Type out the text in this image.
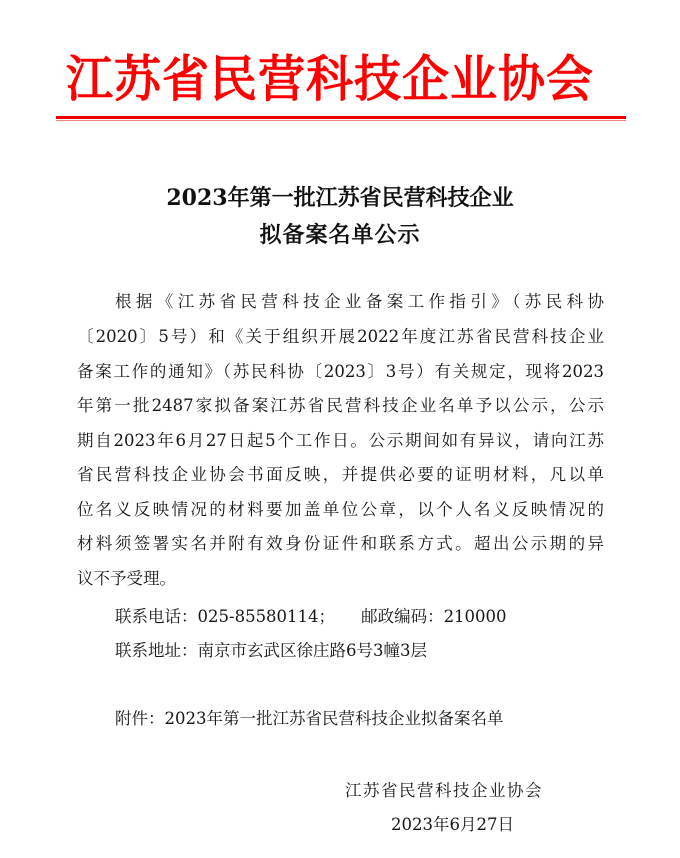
江苏省民营科技企业协会
2023年第一批江苏省民营科技企业
拟备案名单公示
根据《江苏省民营科技企业备案工作指引》（苏民科协
〔2020〕5号）和《关于组织开展2022年度江苏省民营科技企业
备案工作的通知》（苏民科协〔2023〕3号）有关规定，现将2023
年第一批2487家拟备案江苏省民营科技企业名单予以公示，公示
期自2023年6月27日起5个工作日。公示期间如有异议，请向江苏
省民营科技企业协会书面反映，并提供必要的证明材料，凡以单
位名义反映情况的材料要加盖单位公章，以个人名义反映情况的
材料须签署实名并附有效身份证件和联系方式。超出公示期的异
议不予受理。
联系电话：025-85580114； 邮政编码：210000
联系地址：南京市玄武区徐庄路6号3幢3层
附件：2023年第一批江苏省民营科技企业拟备案名单
江苏省民营科技企业协会
2023年6月27日
